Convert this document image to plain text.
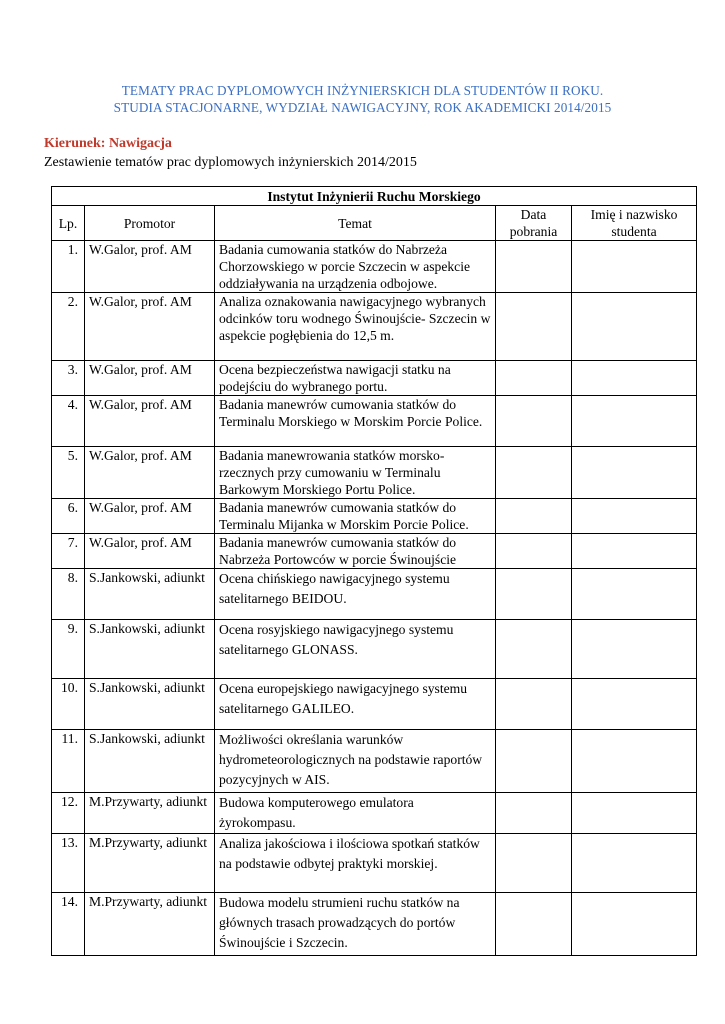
TEMATY PRAC DYPLOMOWYCH INŻYNIERSKICH DLA STUDENTÓW II ROKU.
STUDIA STACJONARNE, WYDZIAŁ NAWIGACYJNY, ROK AKADEMICKI 2014/2015
Kierunek: Nawigacja
Zestawienie tematów prac dyplomowych inżynierskich 2014/2015
Instytut Inżynierii Ruchu Morskiego				
Lp.	Promotor	Temat	Data pobrania	Imię i nazwisko studenta
1.	W.Galor, prof. AM	Badania cumowania statków do Nabrzeża Chorzowskiego w porcie Szczecin w aspekcie oddziaływania na urządzenia odbojowe.		
2.	W.Galor, prof. AM	Analiza oznakowania nawigacyjnego wybranych odcinków toru wodnego Świnoujście- Szczecin w aspekcie pogłębienia do 12,5 m.		
3.	W.Galor, prof. AM	Ocena bezpieczeństwa nawigacji statku na podejściu do wybranego portu.		
4.	W.Galor, prof. AM	Badania manewrów cumowania statków do Terminalu Morskiego w Morskim Porcie Police.		
5.	W.Galor, prof. AM	Badania manewrowania statków morsko-rzecznych przy cumowaniu w Terminalu Barkowym Morskiego Portu Police.		
6.	W.Galor, prof. AM	Badania manewrów cumowania statków do Terminalu Mijanka w Morskim Porcie Police.		
7.	W.Galor, prof. AM	Badania manewrów cumowania statków do Nabrzeża Portowców w porcie Świnoujście		
8.	S.Jankowski, adiunkt	Ocena chińskiego nawigacyjnego systemu satelitarnego BEIDOU.		
9.	S.Jankowski, adiunkt	Ocena rosyjskiego nawigacyjnego systemu satelitarnego GLONASS.		
10.	S.Jankowski, adiunkt	Ocena europejskiego nawigacyjnego systemu satelitarnego GALILEO.		
11.	S.Jankowski, adiunkt	Możliwości określania warunków hydrometeorologicznych na podstawie raportów pozycyjnych w AIS.		
12.	M.Przywarty, adiunkt	Budowa komputerowego emulatora żyrokompasu.		
13.	M.Przywarty, adiunkt	Analiza jakościowa i ilościowa spotkań statków na podstawie odbytej praktyki morskiej.		
14.	M.Przywarty, adiunkt	Budowa modelu strumieni ruchu statków na głównych trasach prowadzących do portów Świnoujście i Szczecin.		
